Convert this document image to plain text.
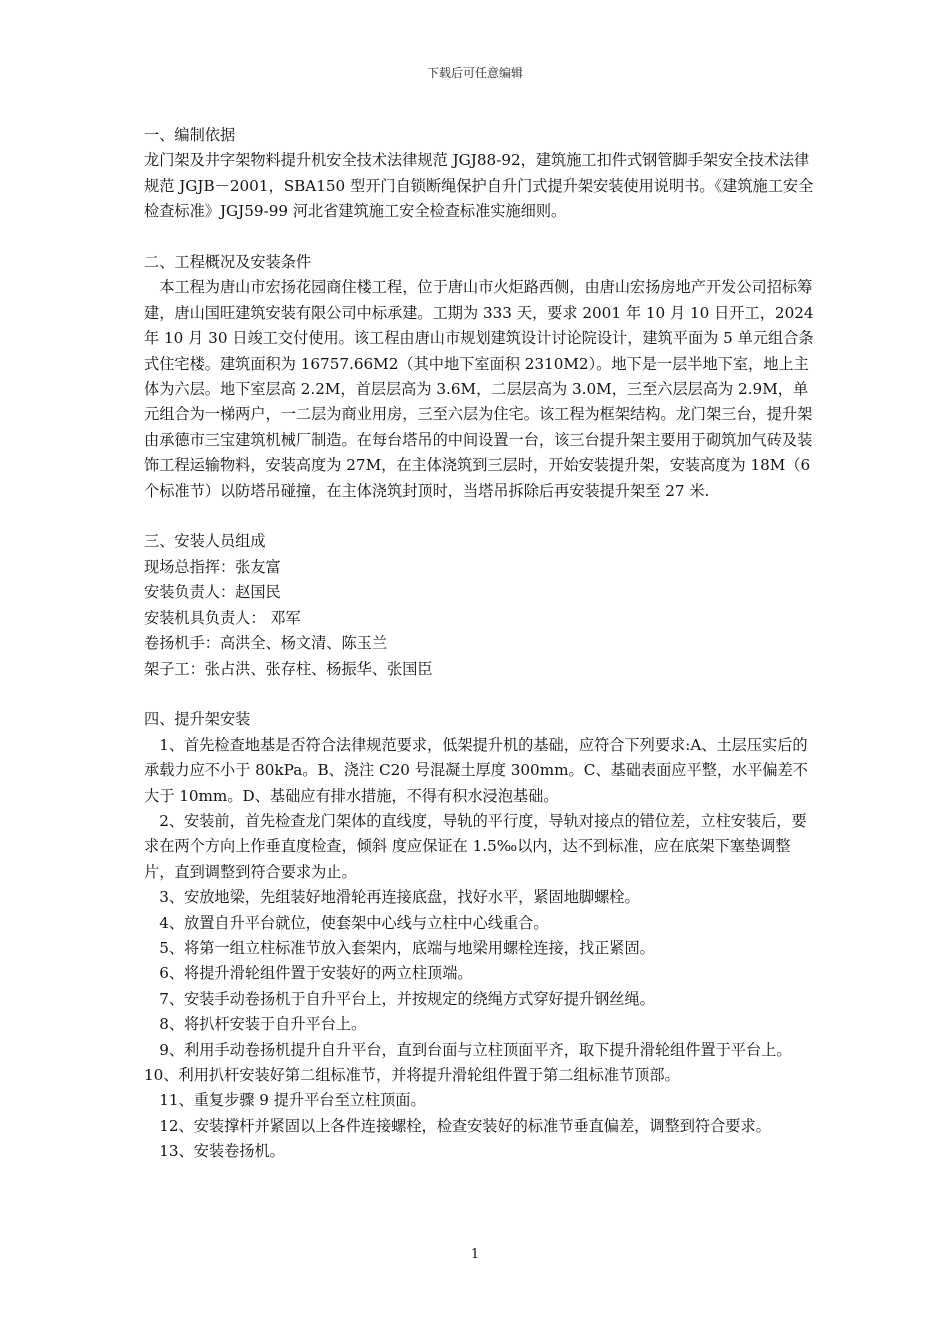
下载后可任意编辑

一、编制依据

龙门架及井字架物料提升机安全技术法律规范 JGJ88-92，建筑施工扣件式钢管脚手架安全技术法律规范 JGJB－2001，SBA150 型开门自锁断绳保护自升门式提升架安装使用说明书。《建筑施工安全检查标准》JGJ59-99 河北省建筑施工安全检查标准实施细则。

二、工程概况及安装条件

本工程为唐山市宏扬花园商住楼工程，位于唐山市火炬路西侧，由唐山宏扬房地产开发公司招标筹建，唐山国旺建筑安装有限公司中标承建。工期为 333 天，要求 2001 年 10 月 10 日开工，2024 年 10 月 30 日竣工交付使用。该工程由唐山市规划建筑设计讨论院设计，建筑平面为 5 单元组合条式住宅楼。建筑面积为 16757.66M2（其中地下室面积 2310M2）。地下是一层半地下室，地上主体为六层。地下室层高 2.2M，首层层高为 3.6M，二层层高为 3.0M，三至六层层高为 2.9M，单元组合为一梯两户，一二层为商业用房，三至六层为住宅。该工程为框架结构。龙门架三台，提升架由承德市三宝建筑机械厂制造。在每台塔吊的中间设置一台，该三台提升架主要用于砌筑加气砖及装饰工程运输物料，安装高度为 27M，在主体浇筑到三层时，开始安装提升架，安装高度为 18M（6 个标准节）以防塔吊碰撞，在主体浇筑封顶时，当塔吊拆除后再安装提升架至 27 米.

三、安装人员组成

现场总指挥：张友富

安装负责人：赵国民

安装机具负责人： 邓军

卷扬机手：高洪全、杨文清、陈玉兰

架子工：张占洪、张存柱、杨振华、张国臣

四、提升架安装

1、首先检查地基是否符合法律规范要求，低架提升机的基础，应符合下列要求:A、土层压实后的承载力应不小于 80kPa。B、浇注 C20 号混凝土厚度 300mm。C、基础表面应平整，水平偏差不大于 10mm。D、基础应有排水措施，不得有积水浸泡基础。

2、安装前，首先检查龙门架体的直线度，导轨的平行度，导轨对接点的错位差，立柱安装后，要求在两个方向上作垂直度检查，倾斜 度应保证在 1.5‰以内，达不到标准，应在底架下塞垫调整片，直到调整到符合要求为止。

3、安放地梁，先组装好地滑轮再连接底盘，找好水平，紧固地脚螺栓。

4、放置自升平台就位，使套架中心线与立柱中心线重合。

5、将第一组立柱标准节放入套架内，底端与地梁用螺栓连接，找正紧固。

6、将提升滑轮组件置于安装好的两立柱顶端。

7、安装手动卷扬机于自升平台上，并按规定的绕绳方式穿好提升钢丝绳。

8、将扒杆安装于自升平台上。

9、利用手动卷扬机提升自升平台，直到台面与立柱顶面平齐，取下提升滑轮组件置于平台上。

10、利用扒杆安装好第二组标准节，并将提升滑轮组件置于第二组标准节顶部。

11、重复步骤 9 提升平台至立柱顶面。

12、安装撑杆并紧固以上各件连接螺栓，检查安装好的标准节垂直偏差，调整到符合要求。

13、安装卷扬机。

1
